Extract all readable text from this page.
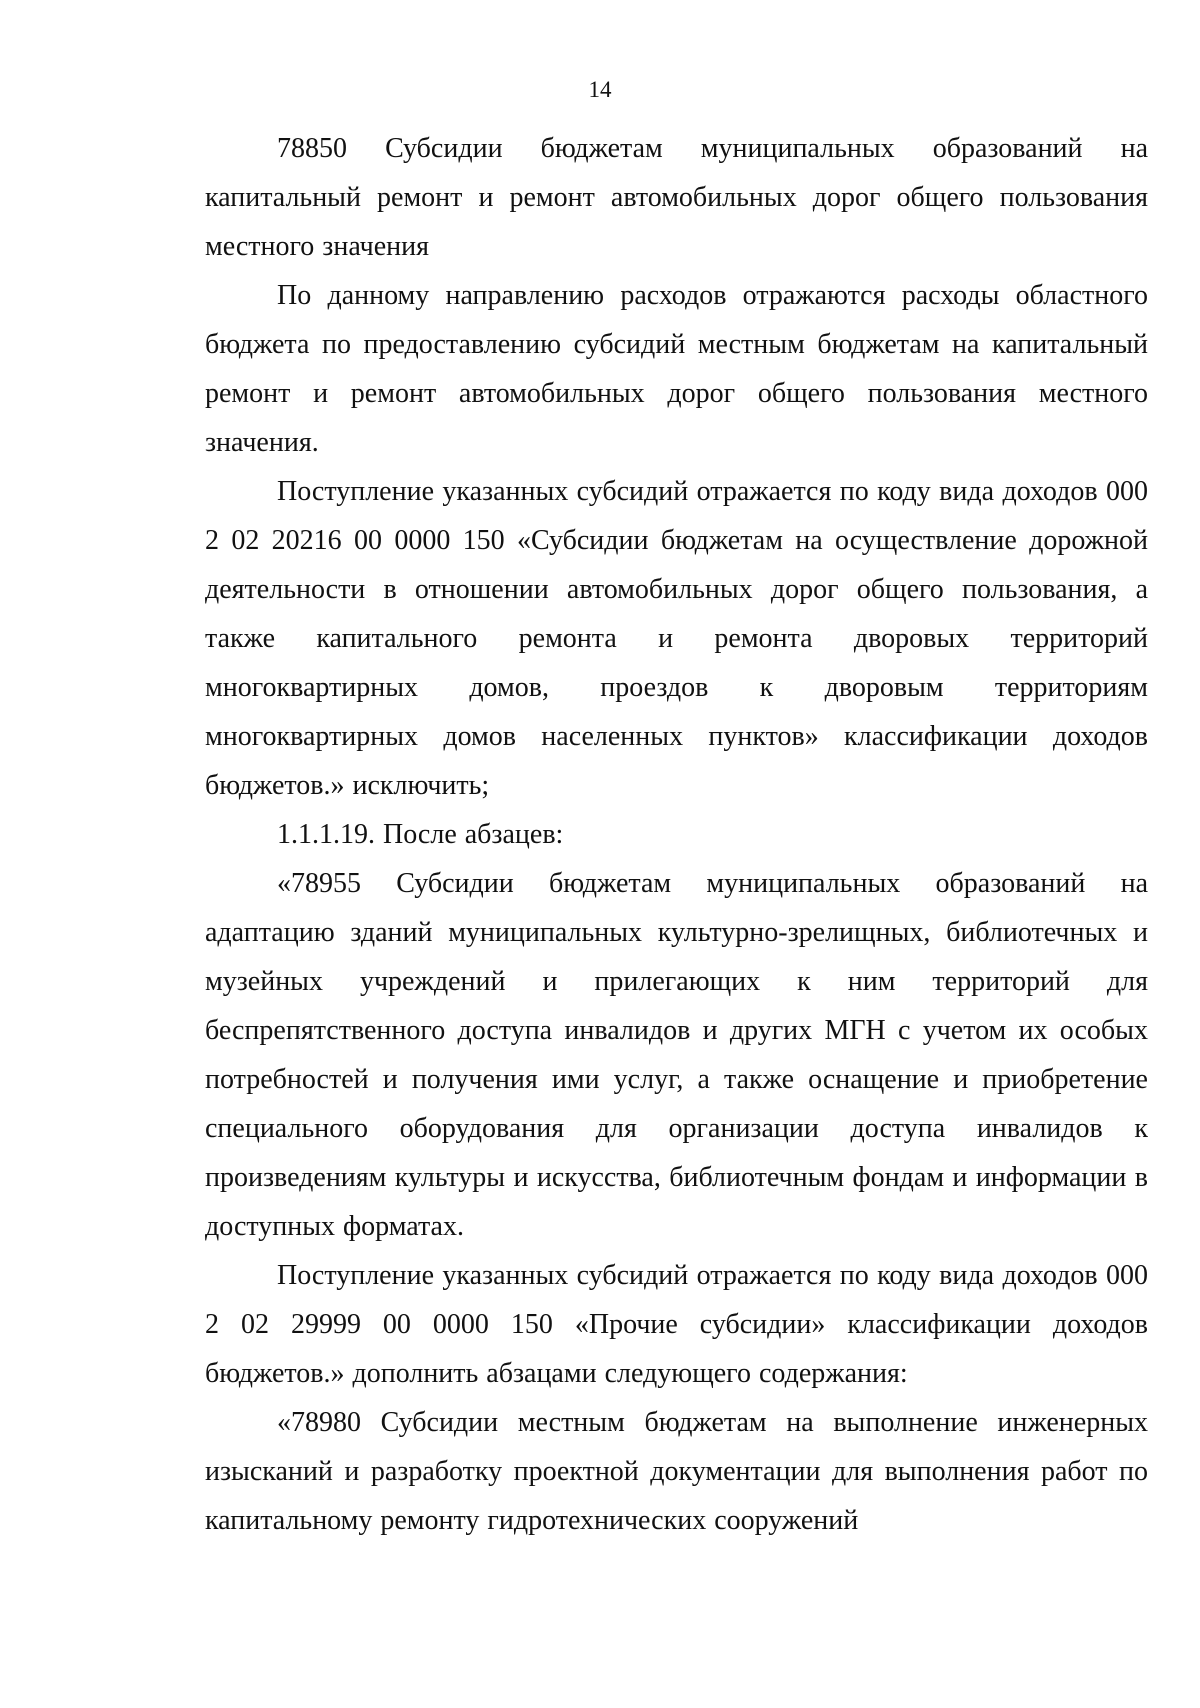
14

78850 Субсидии бюджетам муниципальных образований на капитальный ремонт и ремонт автомобильных дорог общего пользования местного значения

По данному направлению расходов отражаются расходы областного бюджета по предоставлению субсидий местным бюджетам на капитальный ремонт и ремонт автомобильных дорог общего пользования местного значения.

Поступление указанных субсидий отражается по коду вида доходов 000 2 02 20216 00 0000 150 «Субсидии бюджетам на осуществление дорожной деятельности в отношении автомобильных дорог общего пользования, а также капитального ремонта и ремонта дворовых территорий многоквартирных домов, проездов к дворовым территориям многоквартирных домов населенных пунктов» классификации доходов бюджетов.» исключить;

1.1.1.19. После абзацев:

«78955 Субсидии бюджетам муниципальных образований на адаптацию зданий муниципальных культурно-зрелищных, библиотечных и музейных учреждений и прилегающих к ним территорий для беспрепятственного доступа инвалидов и других МГН с учетом их особых потребностей и получения ими услуг, а также оснащение и приобретение специального оборудования для организации доступа инвалидов к произведениям культуры и искусства, библиотечным фондам и информации в доступных форматах.

Поступление указанных субсидий отражается по коду вида доходов 000 2 02 29999 00 0000 150 «Прочие субсидии» классификации доходов бюджетов.» дополнить абзацами следующего содержания:

«78980 Субсидии местным бюджетам на выполнение инженерных изысканий и разработку проектной документации для выполнения работ по капитальному ремонту гидротехнических сооружений
